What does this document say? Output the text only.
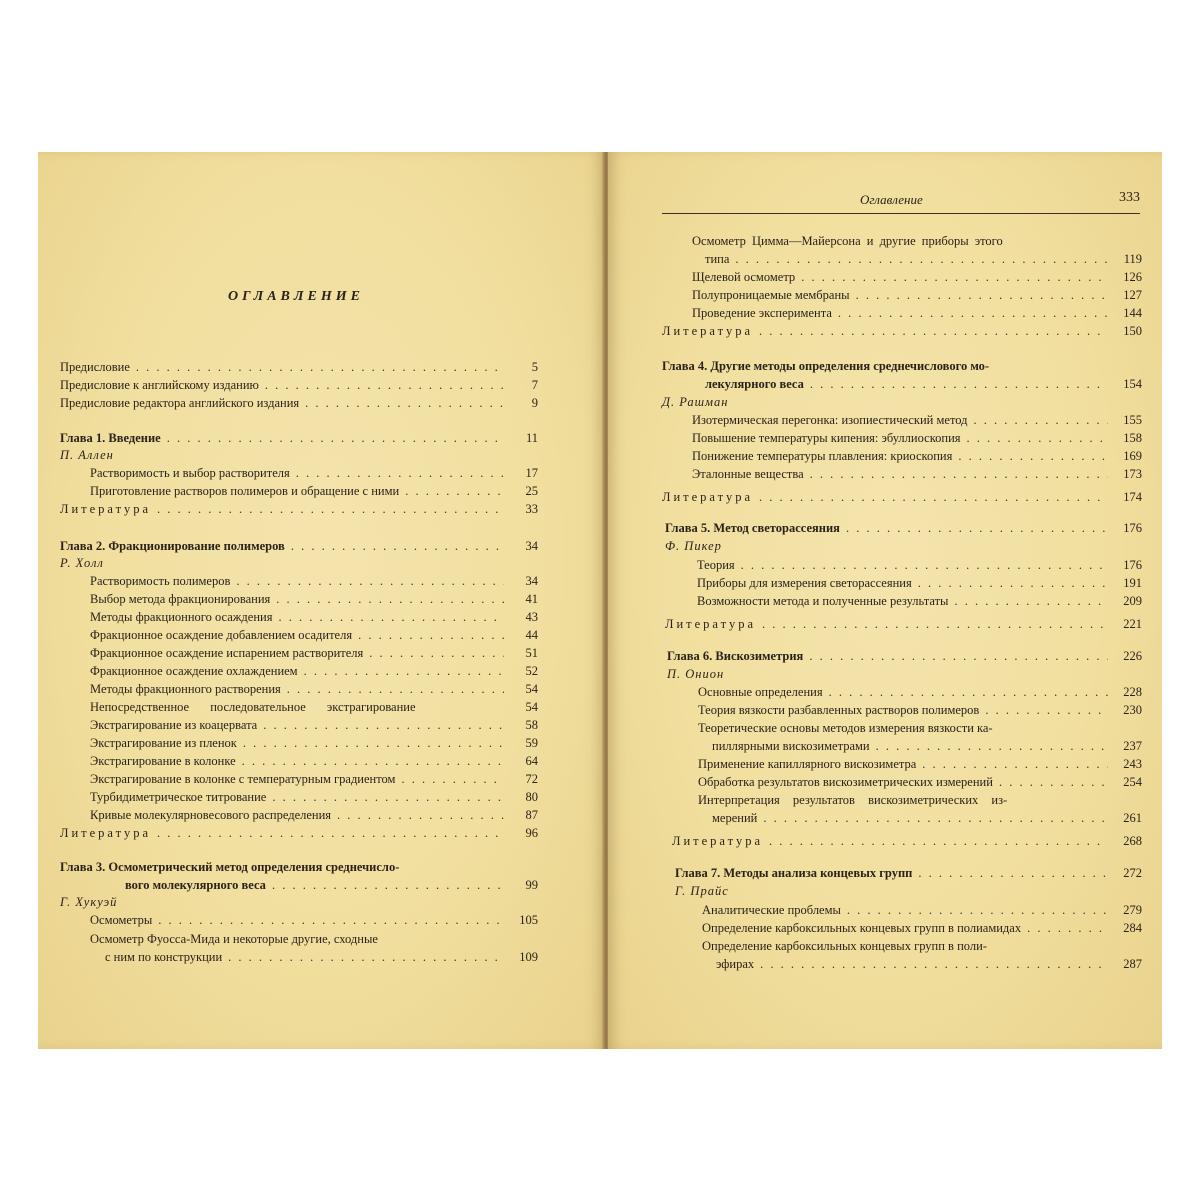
Оглавление	333
ОГЛАВЛЕНИЕ
Предисловие . . .	5
Предисловие к английскому изданию . . .	7
Предисловие редактора английского издания . . .	9
Глава 1. Введение . . .	11
П. Аллен
Растворимость и выбор растворителя . . .	17
Приготовление растворов полимеров и обращение с ними . . .	25
Литература . . .	33
Глава 2. Фракционирование полимеров . . .	34
Р. Холл
Растворимость полимеров . . .	34
Выбор метода фракционирования . . .	41
Методы фракционного осаждения . . .	43
Фракционное осаждение добавлением осадителя . . .	44
Фракционное осаждение испарением растворителя . . .	51
Фракционное осаждение охлаждением . . .	52
Методы фракционного растворения . . .	54
Непосредственное последовательное экстрагирование	54
Экстрагирование из коацервата . . .	58
Экстрагирование из пленок . . .	59
Экстрагирование в колонке . . .	64
Экстрагирование в колонке с температурным градиентом . . .	72
Турбидиметрическое титрование . . .	80
Кривые молекулярновесового распределения . . .	87
Литература . . .	96
Глава 3. Осмометрический метод определения среднечисло-
вого молекулярного веса . . .	99
Г. Хукуэй
Осмометры . . .	105
Осмометр Фуосса-Мида и некоторые другие, сходные
с ним по конструкции . . .	109
Осмометр Цимма—Майерсона и другие приборы этого
типа . . .	119
Щелевой осмометр . . .	126
Полупроницаемые мембраны . . .	127
Проведение эксперимента . . .	144
Литература . . .	150
Глава 4. Другие методы определения среднечислового мо-
лекулярного веса . . .	154
Д. Рашман
Изотермическая перегонка: изопиестический метод . . .	155
Повышение температуры кипения: эбуллиоскопия . . .	158
Понижение температуры плавления: криоскопия . . .	169
Эталонные вещества . . .	173
Литература . . .	174
Глава 5. Метод светорассеяния . . .	176
Ф. Пикер
Теория . . .	176
Приборы для измерения светорассеяния . . .	191
Возможности метода и полученные результаты . . .	209
Литература . . .	221
Глава 6. Вискозиметрия . . .	226
П. Онион
Основные определения . . .	228
Теория вязкости разбавленных растворов полимеров . . .	230
Теоретические основы методов измерения вязкости ка-
пиллярными вискозиметрами . . .	237
Применение капиллярного вискозиметра . . .	243
Обработка результатов вискозиметрических измерений . . .	254
Интерпретация результатов вискозиметрических из-
мерений . . .	261
Литература . . .	268
Глава 7. Методы анализа концевых групп . . .	272
Г. Прайс
Аналитические проблемы . . .	279
Определение карбоксильных концевых групп в полиамидах . . .	284
Определение карбоксильных концевых групп в поли-
эфирах . . .	287
